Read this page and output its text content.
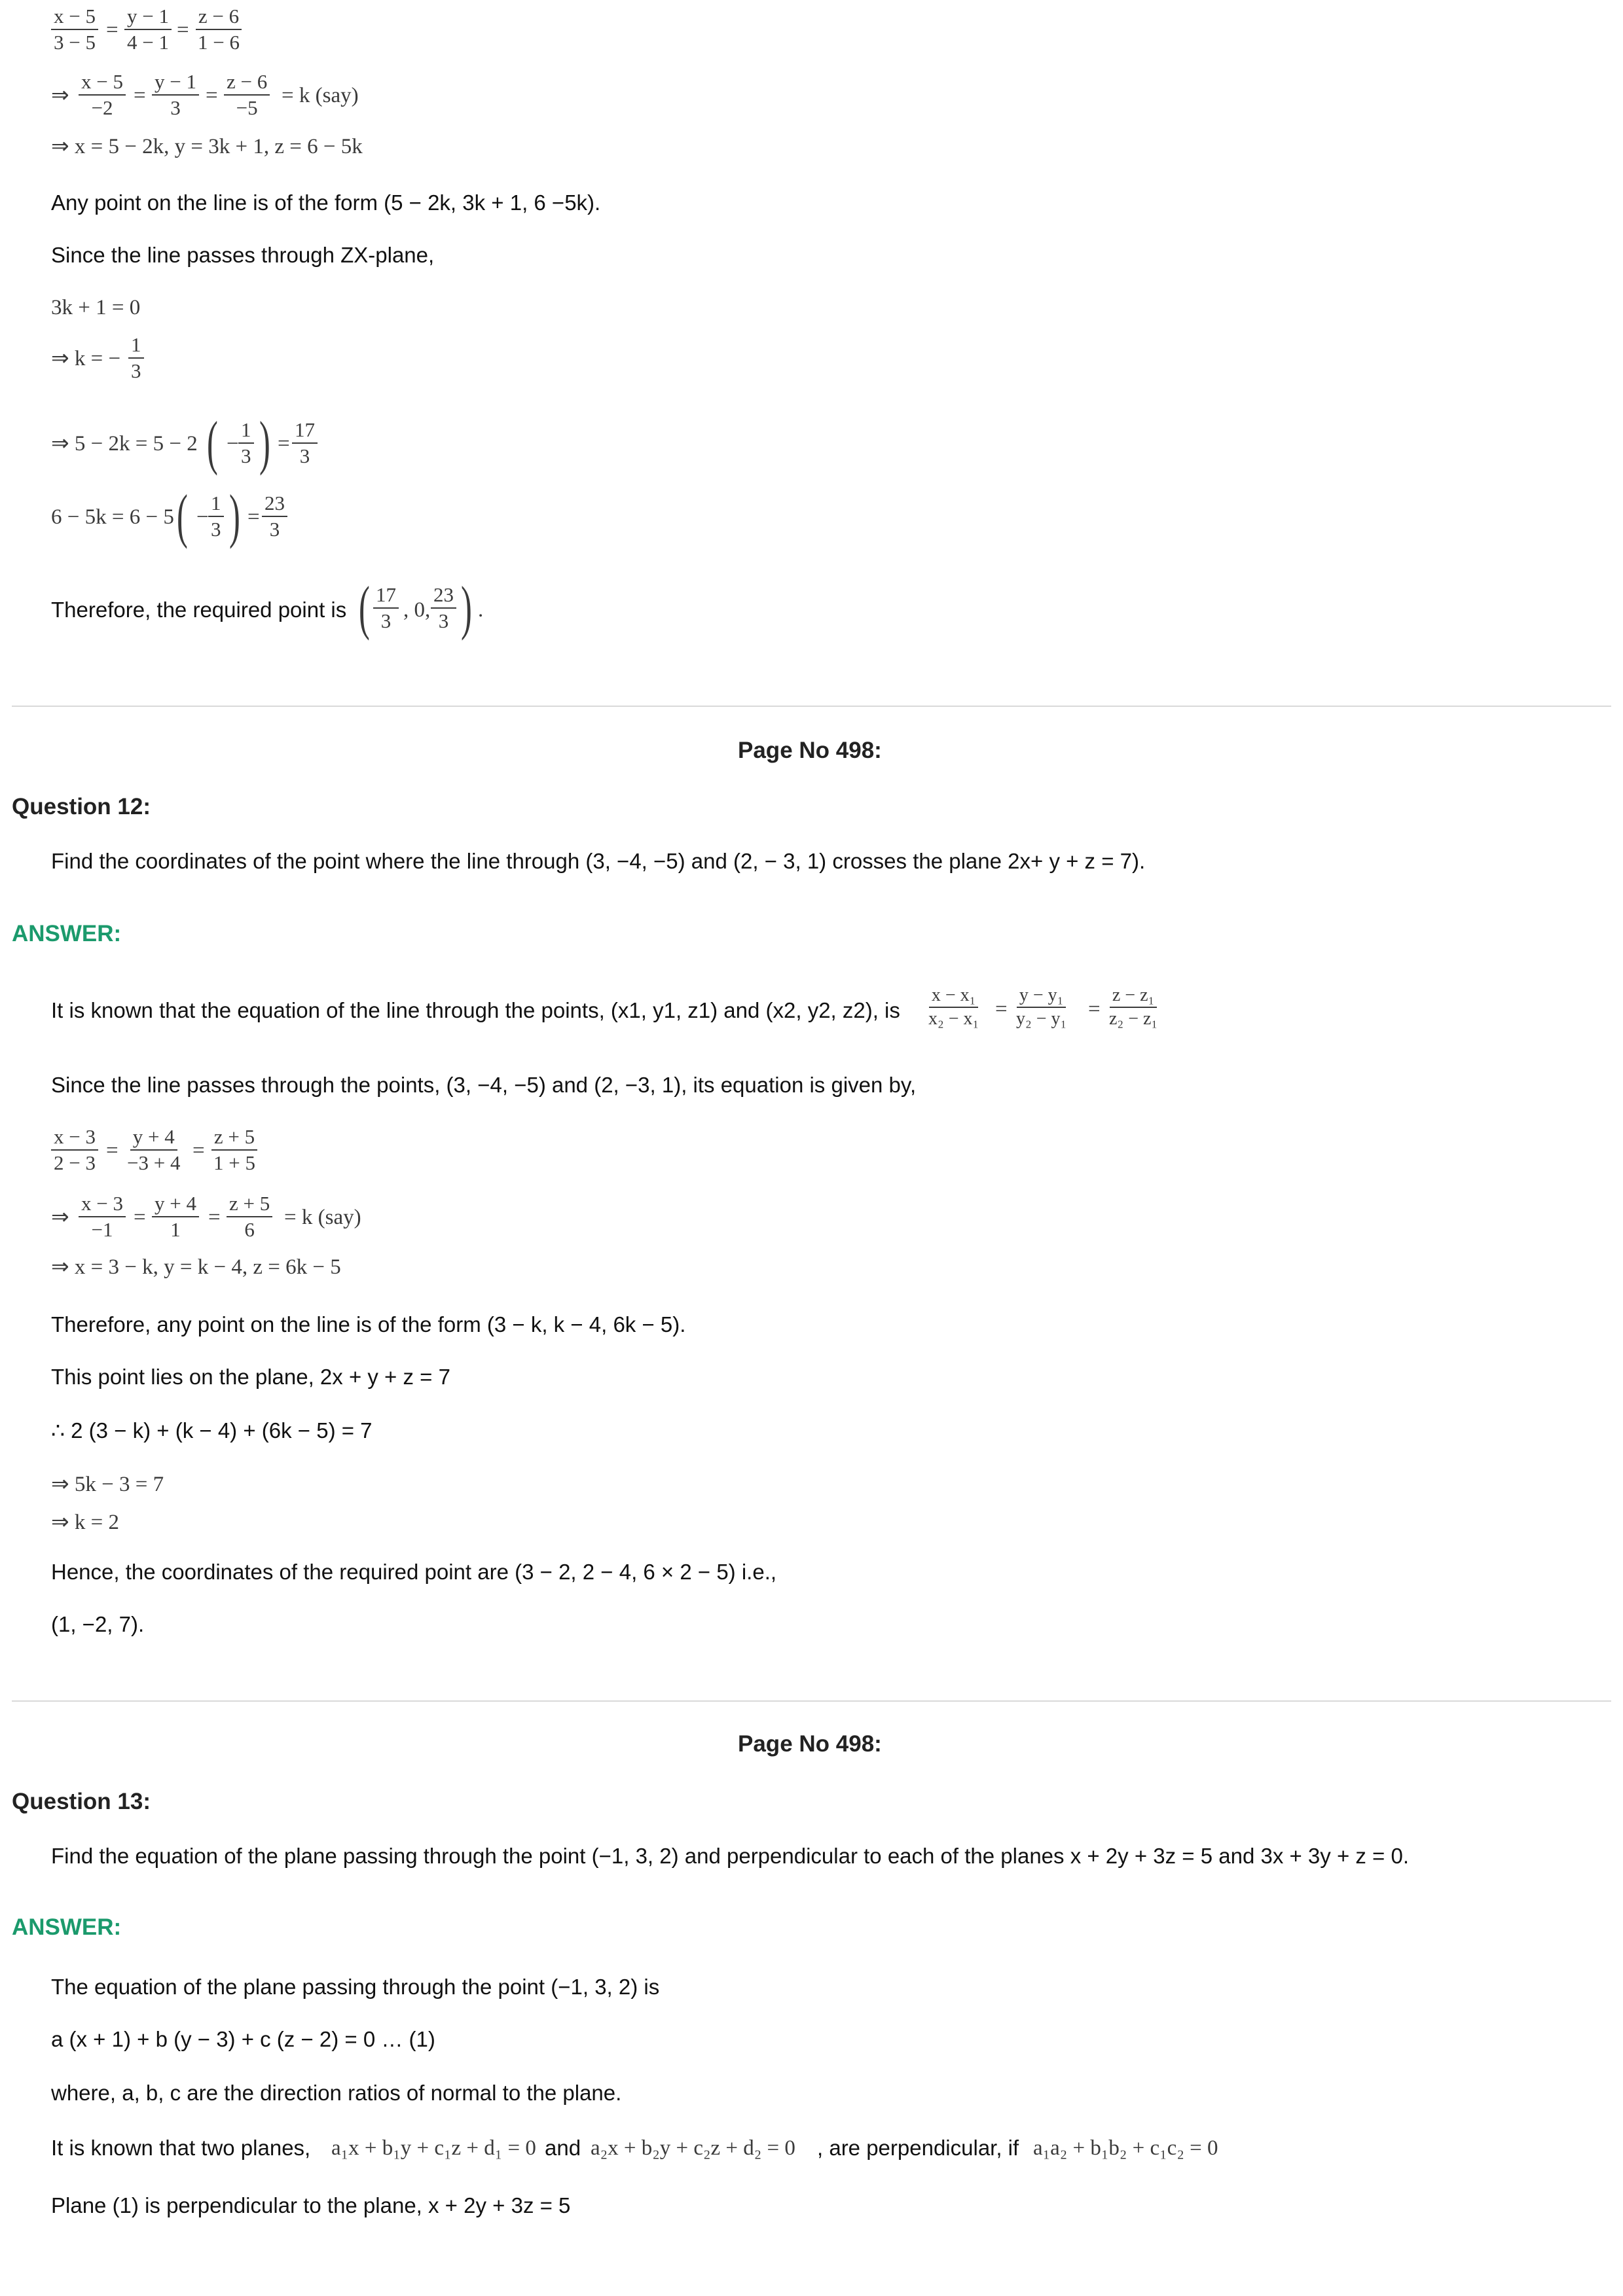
$\frac{x - 5}{3 - 5} = \frac{y - 1}{4 - 1} = \frac{z - 6}{1 - 6}$
⇒ $\frac{x - 5}{-2} = \frac{y - 1}{3} = \frac{z - 6}{-5} = k$ (say)
⇒ x = 5 − 2k, y = 3k + 1, z = 6 − 5k
Any point on the line is of the form (5 − 2k, 3k + 1, 6 −5k).
Since the line passes through ZX-plane,
3k + 1 = 0
⇒ k = − $\frac{1}{3}$
⇒ 5 − 2k = 5 − 2 ( − $\frac{1}{3}$ ) = $\frac{17}{3}$
6 − 5k = 6 − 5 ( − $\frac{1}{3}$ ) = $\frac{23}{3}$
Therefore, the required point is ( $\frac{17}{3}$ , 0, $\frac{23}{3}$ ) .
Page No 498:
Question 12:
Find the coordinates of the point where the line through (3, −4, −5) and (2, − 3, 1) crosses the plane 2x+ y + z = 7).
ANSWER:
It is known that the equation of the line through the points, (x1, y1, z1) and (x2, y2, z2), is $\frac{\text{x − x₁}}{\text{x₂ − x₁}} = \frac{\text{y − y₁}}{\text{y₂ − y₁}} = \frac{\text{z − z₁}}{\text{z₂ − z₁}}$
Since the line passes through the points, (3, −4, −5) and (2, −3, 1), its equation is given by,
$\frac{x - 3}{2 - 3} = \frac{y + 4}{-3 + 4} = \frac{z + 5}{1 + 5}$
⇒ $\frac{x - 3}{-1} = \frac{y + 4}{1} = \frac{z + 5}{6} = k$ (say)
⇒ x = 3 − k, y = k − 4, z = 6k − 5
Therefore, any point on the line is of the form (3 − k, k − 4, 6k − 5).
This point lies on the plane, 2x + y + z = 7
∴ 2 (3 − k) + (k − 4) + (6k − 5) = 7
⇒ 5k − 3 = 7
⇒ k = 2
Hence, the coordinates of the required point are (3 − 2, 2 − 4, 6 × 2 − 5) i.e.,
(1, −2, 7).
Page No 498:
Question 13:
Find the equation of the plane passing through the point (−1, 3, 2) and perpendicular to each of the planes x + 2y + 3z = 5 and 3x + 3y + z = 0.
ANSWER:
The equation of the plane passing through the point (−1, 3, 2) is
a (x + 1) + b (y − 3) + c (z − 2) = 0 … (1)
where, a, b, c are the direction ratios of normal to the plane.
It is known that two planes, a₁x + b₁y + c₁z + d₁ = 0 and a₂x + b₂y + c₂z + d₂ = 0 , are perpendicular, if a₁a₂ + b₁b₂ + c₁c₂ = 0
Plane (1) is perpendicular to the plane, x + 2y + 3z = 5
